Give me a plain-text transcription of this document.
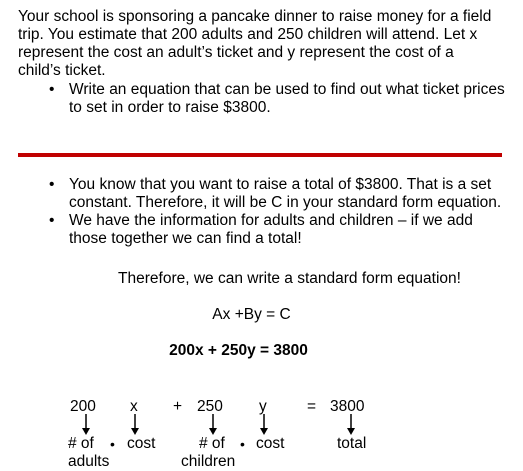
Your school is sponsoring a pancake dinner to raise money for a field
trip. You estimate that 200 adults and 250 children will attend. Let x
represent the cost an adult’s ticket and y represent the cost of a
child’s ticket.
• Write an equation that can be used to find out what ticket prices
to set in order to raise $3800.
• You know that you want to raise a total of $3800. That is a set
constant. Therefore, it will be C in your standard form equation.
• We have the information for adults and children – if we add
those together we can find a total!
Therefore, we can write a standard form equation!
Ax +By = C
200x + 250y = 3800
200 x + 250 y	= 3800
# of
adults
• cost	# of
children
• cost	total
